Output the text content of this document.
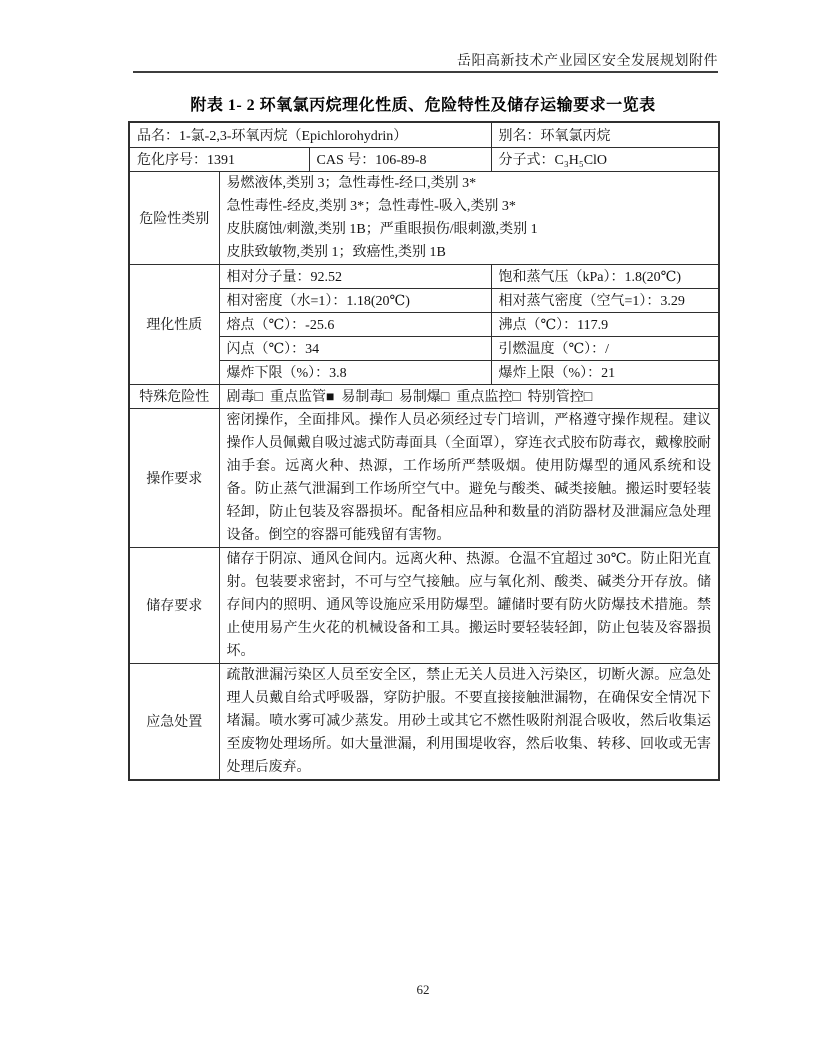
岳阳高新技术产业园区安全发展规划附件
附表 1- 2 环氧氯丙烷理化性质、危险特性及储存运输要求一览表
品名：1-氯-2,3-环氧丙烷（Epichlorohydrin）			别名：环氧氯丙烷
危化序号：1391		CAS 号：106-89-8	分子式：C₃H₅ClO
危险性类别	易燃液体,类别 3；急性毒性-经口,类别 3*
急性毒性-经皮,类别 3*；急性毒性-吸入,类别 3*
皮肤腐蚀/刺激,类别 1B；严重眼损伤/眼刺激,类别 1
皮肤致敏物,类别 1；致癌性,类别 1B		

理化性质	相对分子量：92.52		饱和蒸气压（kPa）：1.8(20℃)
	相对密度（水=1）：1.18(20℃)		相对蒸气密度（空气=1）：3.29
	熔点（℃）：-25.6		沸点（℃）：117.9
	闪点（℃）：34		引燃温度（℃）：/
	爆炸下限（%）：3.8		爆炸上限（%）：21
特殊危险性	剧毒□  重点监管■  易制毒□  易制爆□  重点监控□  特别管控□		
操作要求	密闭操作，全面排风。操作人员必须经过专门培训，严格遵守操作规程。建议操作人员佩戴自吸过滤式防毒面具（全面罩），穿连衣式胶布防毒衣，戴橡胶耐油手套。远离火种、热源，工作场所严禁吸烟。使用防爆型的通风系统和设备。防止蒸气泄漏到工作场所空气中。避免与酸类、碱类接触。搬运时要轻装轻卸，防止包装及容器损坏。配备相应品种和数量的消防器材及泄漏应急处理设备。倒空的容器可能残留有害物。		
储存要求	储存于阴凉、通风仓间内。远离火种、热源。仓温不宜超过 30℃。防止阳光直射。包装要求密封，不可与空气接触。应与氧化剂、酸类、碱类分开存放。储存间内的照明、通风等设施应采用防爆型。罐储时要有防火防爆技术措施。禁止使用易产生火花的机械设备和工具。搬运时要轻装轻卸，防止包装及容器损坏。		
应急处置	疏散泄漏污染区人员至安全区，禁止无关人员进入污染区，切断火源。应急处理人员戴自给式呼吸器，穿防护服。不要直接接触泄漏物，在确保安全情况下堵漏。喷水雾可减少蒸发。用砂土或其它不燃性吸附剂混合吸收，然后收集运至废物处理场所。如大量泄漏，利用围堤收容，然后收集、转移、回收或无害处理后废弃。		
62
